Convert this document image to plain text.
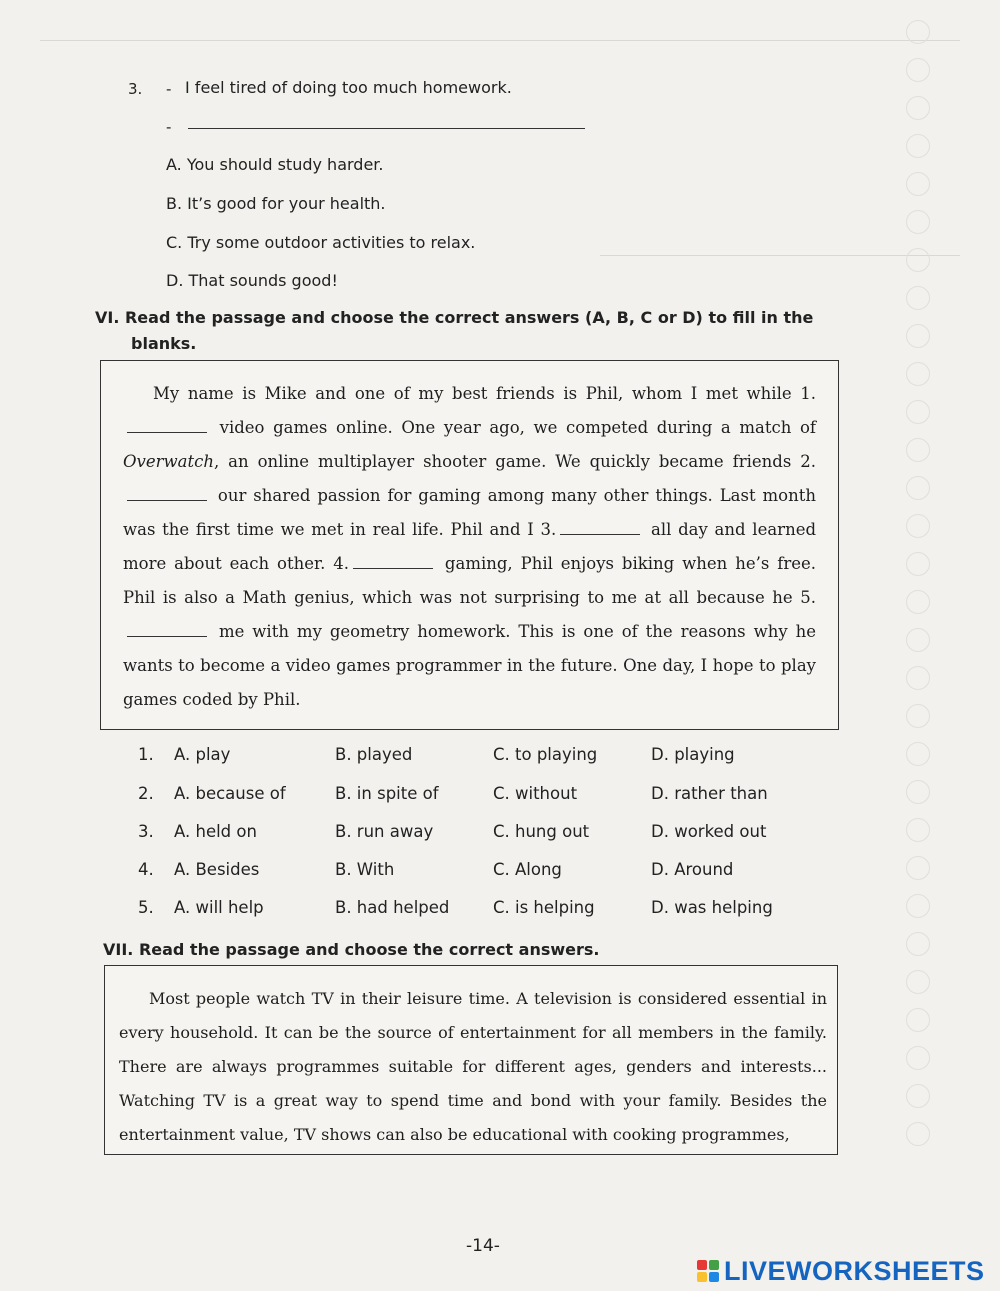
3. - I feel tired of doing too much homework.
-
A. You should study harder.
B. It’s good for your health.
C. Try some outdoor activities to relax.
D. That sounds good!
VI. Read the passage and choose the correct answers (A, B, C or D) to fill in the
blanks.
My name is Mike and one of my best friends is Phil, whom I met while 1. video games online. One year ago, we competed during a match of Overwatch, an online multiplayer shooter game. We quickly became friends 2. our shared passion for gaming among many other things. Last month was the first time we met in real life. Phil and I 3.	all day and learned more about each other. 4.	gaming, Phil enjoys biking when he’s free. Phil is also a Math genius, which was not surprising to me at all because he 5. me with my geometry homework. This is one of the reasons why he wants to become a video games programmer in the future. One day, I hope to play games coded by Phil.
1. A. play	B. played	C. to playing	D. playing
2. A. because of	B. in spite of	C. without	D. rather than
3. A. held on	B. run away	C. hung out	D. worked out
4. A. Besides	B. With	C. Along	D. Around
5. A. will help	B. had helped	C. is helping	D. was helping
VII. Read the passage and choose the correct answers.
Most people watch TV in their leisure time. A television is considered essential in every household. It can be the source of entertainment for all members in the family. There are always programmes suitable for different ages, genders and interests... Watching TV is a great way to spend time and bond with your family. Besides the entertainment value, TV shows can also be educational with cooking programmes,
-14-
LIVEWORKSHEETS
